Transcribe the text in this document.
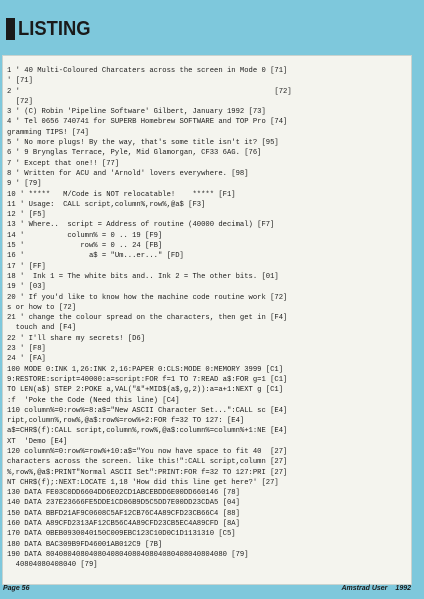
LISTING
1 ' 40 Multi-Coloured Charcaters across the screen in Mode 0 [71]
' [71]
2 '                                                           [72]
[72]
3 ' (C) Robin 'Pipeline Software' Gilbert, January 1992 [73]
4 ' Tel 0656 740741 for SUPERB Homebrew SOFTWARE and TOP Pro [74]
gramming TIPS! [74]
5 ' No more plugs! By the way, that's some title isn't it? [95]
6 ' 9 Brynglas Terrace, Pyle, Mid Glamorgan, CF33 6AG. [76]
7 ' Except that one!! [77]
8 ' Written for ACU and 'Arnold' lovers everywhere. [98]
9 ' [79]
10 ' *****   M/Code is NOT relocatable!    ***** [F1]
11 ' Usage:  CALL script,column%,row%,@a$ [F3]
12 ' [F5]
13 ' Where..  script = Address of routine (40000 decimal) [F7]
14 '          column% = 0 .. 19 [F9]
15 '             row% = 0 .. 24 [FB]
16 '               a$ = "Um...er..." [FD]
17 ' [FF]
18 '  Ink 1 = The white bits and.. Ink 2 = The other bits. [01]
19 ' [03]
20 ' If you'd like to know how the machine code routine work [72]
s or how to [72]
21 ' change the colour spread on the characters, then get in [F4]
touch and [F4]
22 ' I'll share my secrets! [D6]
23 ' [F8]
24 ' [FA]
100 MODE 0:INK 1,26:INK 2,16:PAPER 0:CLS:MODE 0:MEMORY 3999 [C1]
9:RESTORE:script=40000:a=script:FOR f=1 TO 7:READ a$:FOR g=1 [C1]
TO LEN(a$) STEP 2:POKE a,VAL("&"+MID$(a$,g,2)):a=a+1:NEXT g [C1]
:f  'Poke the Code (Need this line) [C4]
110 column%=0:row%=8:a$="New ASCII Character Set...":CALL sc [E4]
ript,column%,row%,@a$:row%=row%+2:FOR f=32 TO 127: [E4]
a$=CHR$(f):CALL script,column%,row%,@a$:column%=column%+1:NE [E4]
XT  'Demo [E4]
120 column%=0:row%=row%+10:a$="You now have space to fit 40  [27]
characters across the screen. like this!":CALL script,column [27]
%,row%,@a$:PRINT"Normal ASCII Set":PRINT:FOR f=32 TO 127:PRI [27]
NT CHR$(f);:NEXT:LOCATE 1,18 'How did this line get here?' [27]
130 DATA FE03C0DD6604DD6E02CD1ABCEBDD6E00DD660146 [78]
140 DATA 237E23666FE5DDE1CD06B9D5C5DD7E00DD23CDA5 [04]
150 DATA BBFD21AF9C0608C5AF12CB76C4A89CFD23CB66C4 [88]
160 DATA A89CFD2313AF12CB56C4A89CFD23CB5EC4A89CFD [8A]
170 DATA 0BEB0930040150C009EBC123C10D0C1D1131310 [C5]
180 DATA BAC309B9FD46001AB012C9 [7B]
190 DATA 804080408040804080408040804080408040804080 [79]
40804080408040 [79]
Page 56	Amstrad User 1992
